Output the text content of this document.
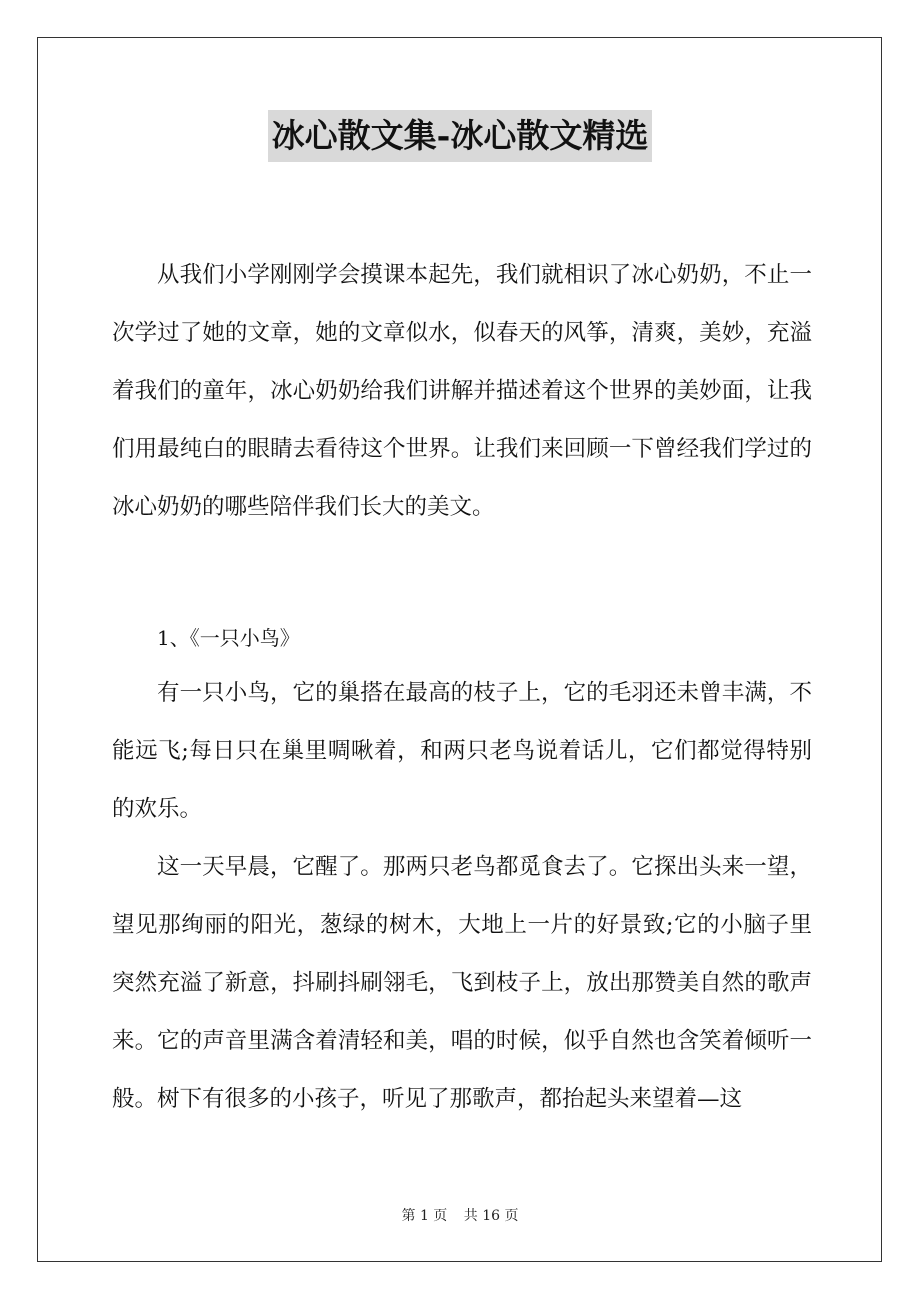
冰心散文集-冰心散文精选

从我们小学刚刚学会摸课本起先，我们就相识了冰心奶奶，不止一次学过了她的文章，她的文章似水，似春天的风筝，清爽，美妙，充溢着我们的童年，冰心奶奶给我们讲解并描述着这个世界的美妙面，让我们用最纯白的眼睛去看待这个世界。让我们来回顾一下曾经我们学过的冰心奶奶的哪些陪伴我们长大的美文。

1、《一只小鸟》

有一只小鸟，它的巢搭在最高的枝子上，它的毛羽还未曾丰满，不能远飞;每日只在巢里啁啾着，和两只老鸟说着话儿，它们都觉得特别的欢乐。

这一天早晨，它醒了。那两只老鸟都觅食去了。它探出头来一望，望见那绚丽的阳光，葱绿的树木，大地上一片的好景致;它的小脑子里突然充溢了新意，抖刷抖刷翎毛，飞到枝子上，放出那赞美自然的歌声来。它的声音里满含着清轻和美，唱的时候，似乎自然也含笑着倾听一般。树下有很多的小孩子，听见了那歌声，都抬起头来望着—这

第 1 页 共 16 页
